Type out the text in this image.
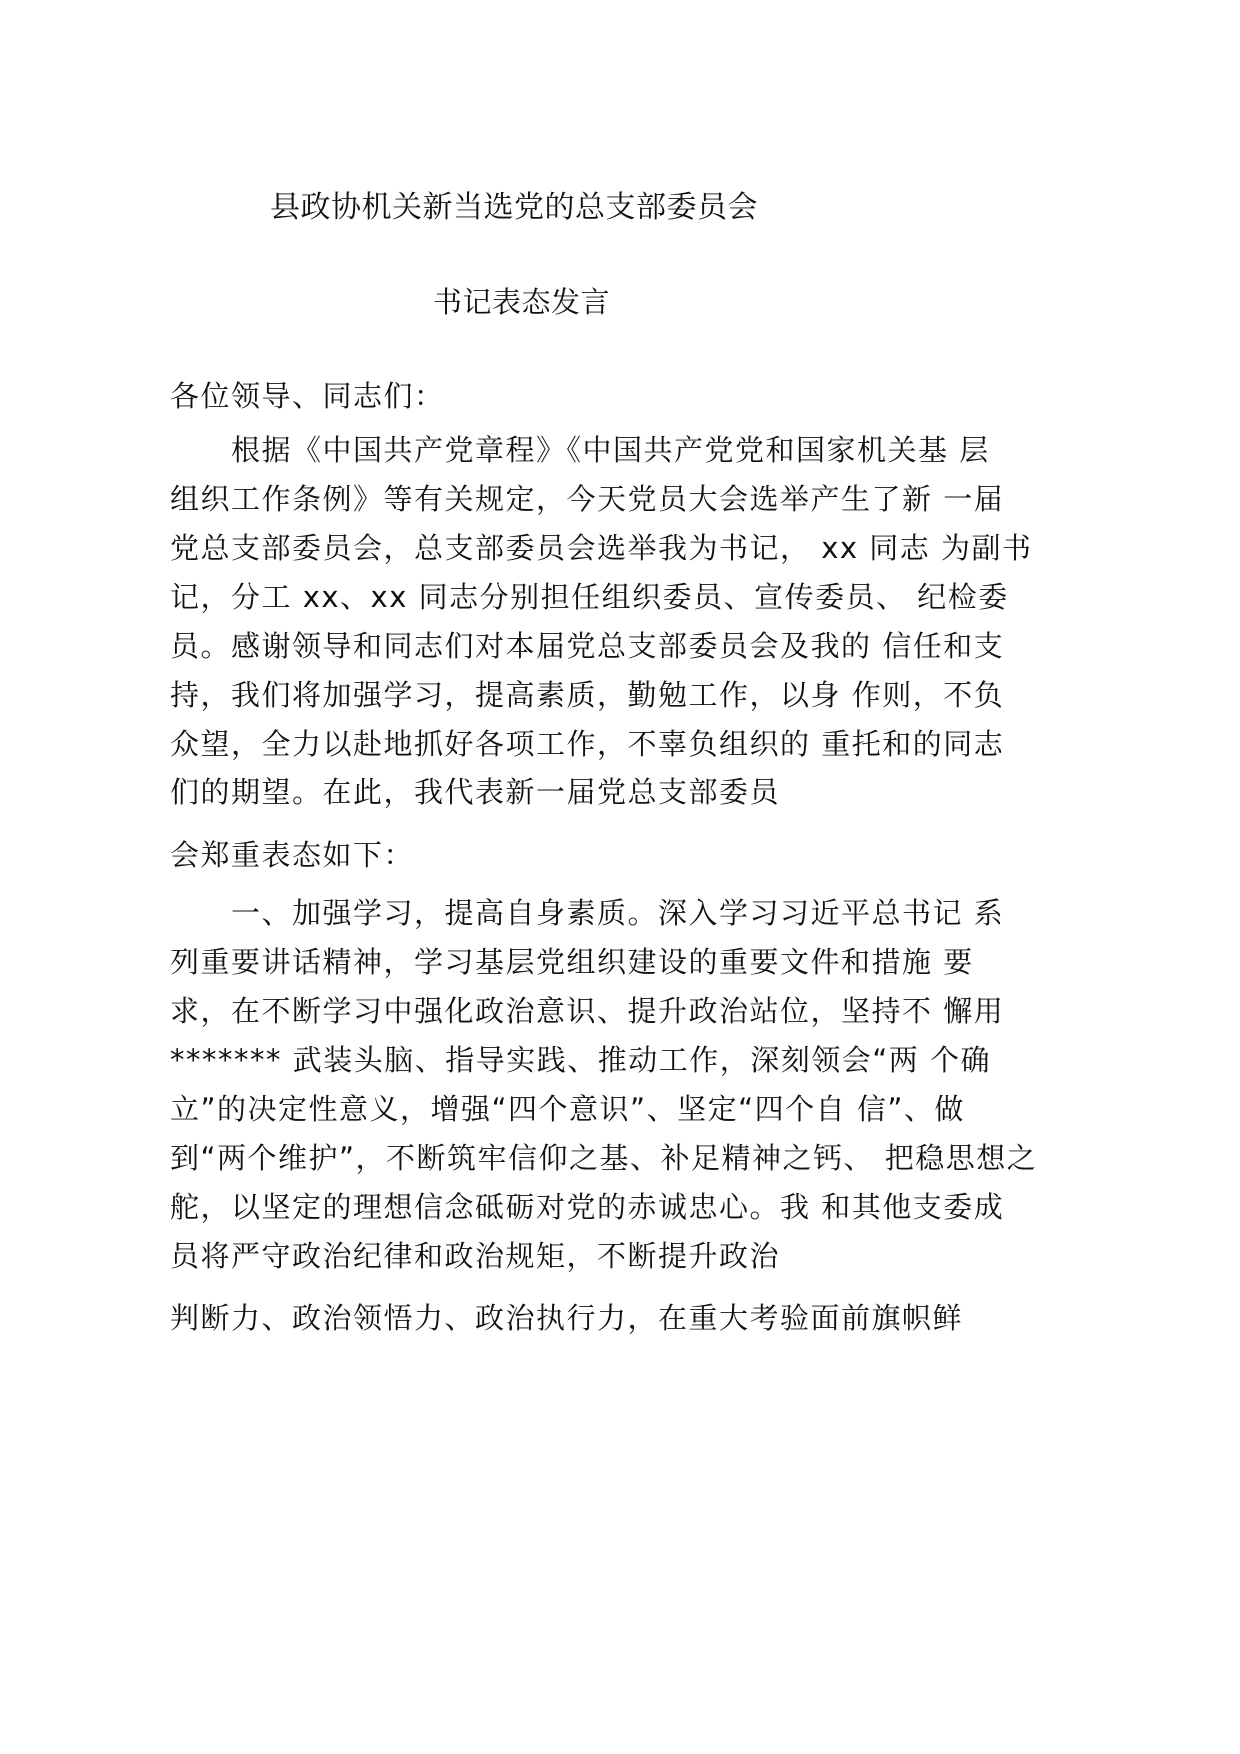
县政协机关新当选党的总支部委员会
书记表态发言
各位领导、同志们：
　　根据《中国共产党章程》《中国共产党党和国家机关基 层
组织工作条例》等有关规定，今天党员大会选举产生了新 一届
党总支部委员会，总支部委员会选举我为书记， xx 同志 为副书
记，分工 xx、xx 同志分别担任组织委员、宣传委员、 纪检委
员。感谢领导和同志们对本届党总支部委员会及我的 信任和支
持，我们将加强学习，提高素质，勤勉工作，以身 作则，不负
众望，全力以赴地抓好各项工作，不辜负组织的 重托和的同志
们的期望。在此，我代表新一届党总支部委员
会郑重表态如下：
　　一、加强学习，提高自身素质。深入学习习近平总书记 系
列重要讲话精神，学习基层党组织建设的重要文件和措施 要
求，在不断学习中强化政治意识、提升政治站位，坚持不 懈用
******* 武装头脑、指导实践、推动工作，深刻领会“两 个确
立”的决定性意义，增强“四个意识”、坚定“四个自 信”、做
到“两个维护”，不断筑牢信仰之基、补足精神之钙、 把稳思想之
舵，以坚定的理想信念砥砺对党的赤诚忠心。我 和其他支委成
员将严守政治纪律和政治规矩，不断提升政治
判断力、政治领悟力、政治执行力，在重大考验面前旗帜鲜
